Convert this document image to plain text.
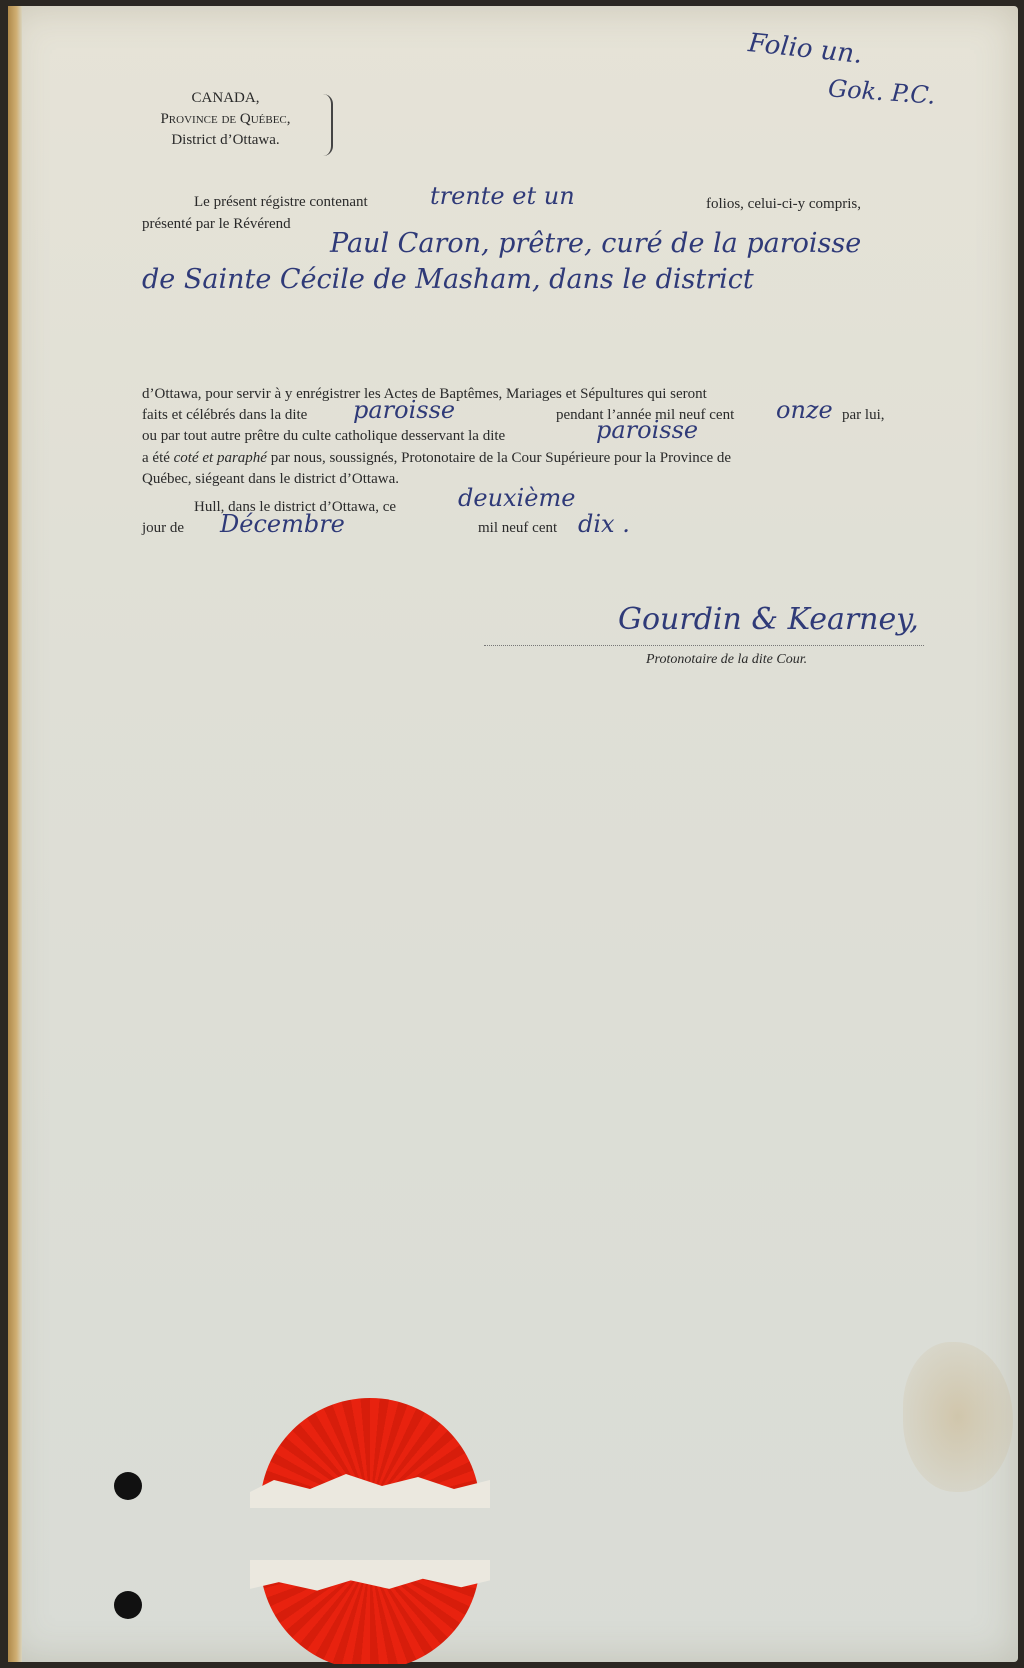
CANADA,
Province de Québec,
District d’Ottawa.
Folio un.
Gok. P.C.
Le présent régistre contenant	trente et un	folios, celui-ci-y compris,
présenté par le Révérend
Paul Caron, prêtre, curé de la paroisse
de Sainte Cécile de Masham, dans le district
d’Ottawa, pour servir à y enrégistrer les Actes de Baptêmes, Mariages et Sépultures qui seront
faits et célébrés dans la dite paroisse	pendant l’année mil neuf cent onze par lui,
ou par tout autre prêtre du culte catholique desservant la dite	paroisse
a été coté et paraphé par nous, soussignés, Protonotaire de la Cour Supérieure pour la Province de
Québec, siégeant dans le district d’Ottawa.
Hull, dans le district d’Ottawa, ce	deuxième
jour de Décembre	mil neuf cent dix .
Gourdin & Kearney,
Protonotaire de la dite Cour.
